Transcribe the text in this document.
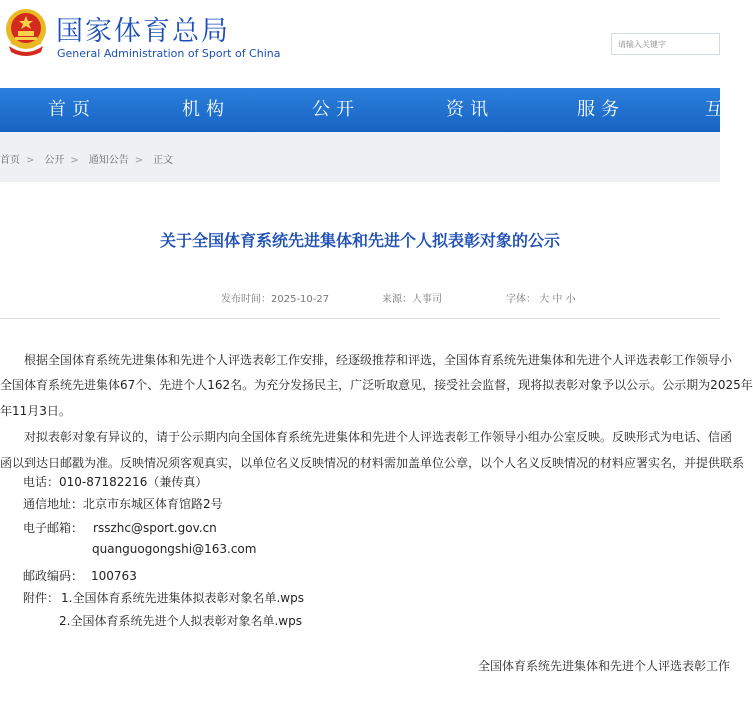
国家体育总局
General Administration of Sport of China
请输入关键字
首页	机构	公开	资讯	服务	互
首页 > 公开 > 通知公告 > 正文
关于全国体育系统先进集体和先进个人拟表彰对象的公示
发布时间：2025-10-27	来源：人事司	字体： 大 中 小
　　根据全国体育系统先进集体和先进个人评选表彰工作安排，经逐级推荐和评选，全国体育系统先进集体和先进个人评选表彰工作领导小
全国体育系统先进集体67个、先进个人162名。为充分发扬民主，广泛听取意见，接受社会监督，现将拟表彰对象予以公示。公示期为2025年
年11月3日。
　　对拟表彰对象有异议的，请于公示期内向全国体育系统先进集体和先进个人评选表彰工作领导小组办公室反映。反映形式为电话、信函
函以到达日邮戳为准。反映情况须客观真实，以单位名义反映情况的材料需加盖单位公章，以个人名义反映情况的材料应署实名，并提供联系
电话：010-87182216（兼传真）
通信地址：北京市东城区体育馆路2号
电子邮箱： rsszhc@sport.gov.cn
quanguogongshi@163.com
邮政编码： 100763
附件： 1.全国体育系统先进集体拟表彰对象名单.wps
2.全国体育系统先进个人拟表彰对象名单.wps
全国体育系统先进集体和先进个人评选表彰工作
